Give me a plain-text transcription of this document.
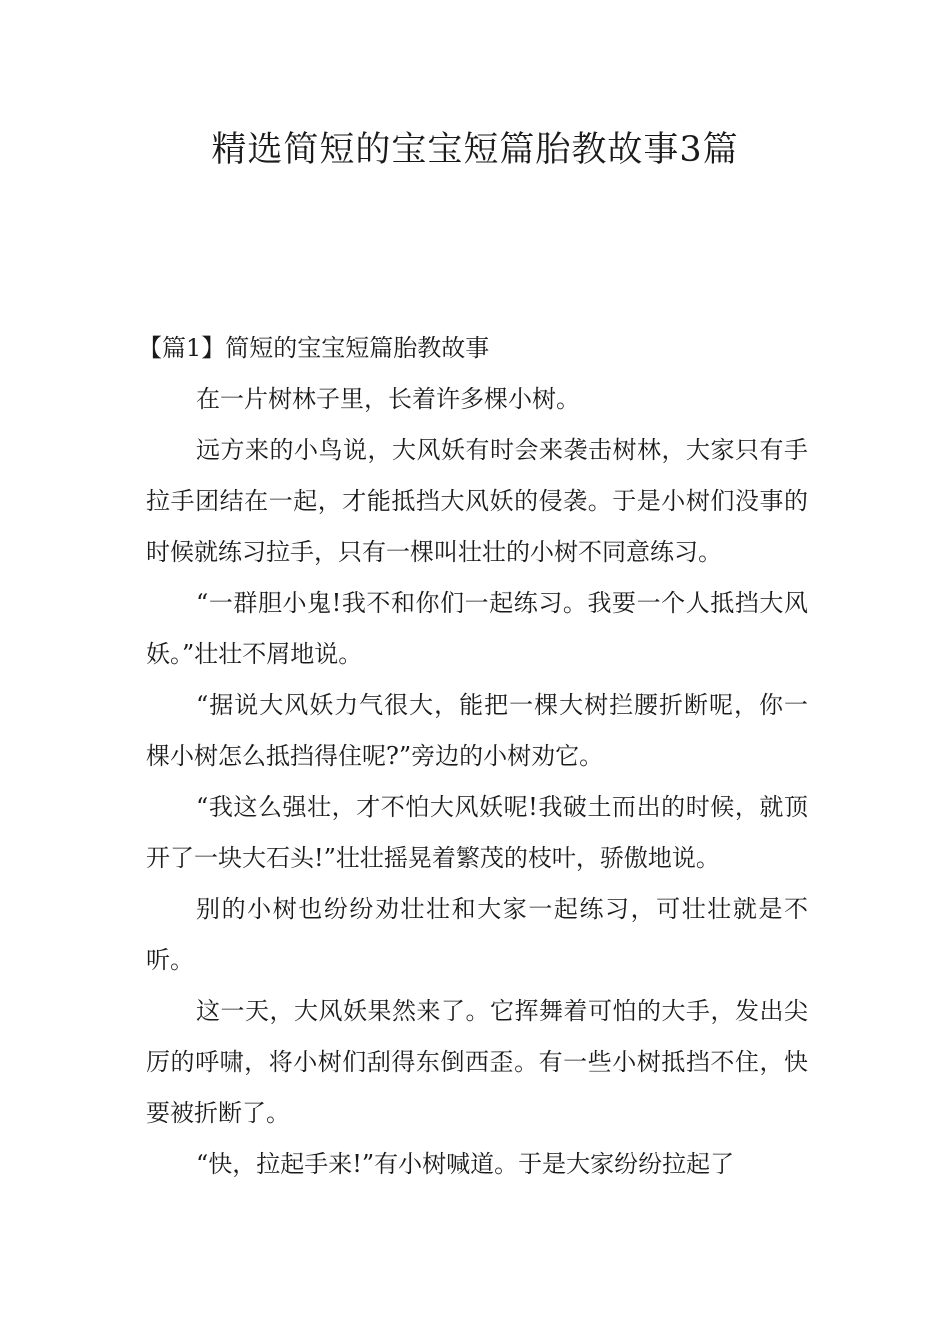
精选简短的宝宝短篇胎教故事3篇

【篇1】简短的宝宝短篇胎教故事

在一片树林子里，长着许多棵小树。

远方来的小鸟说，大风妖有时会来袭击树林，大家只有手拉手团结在一起，才能抵挡大风妖的侵袭。于是小树们没事的时候就练习拉手，只有一棵叫壮壮的小树不同意练习。

“一群胆小鬼!我不和你们一起练习。我要一个人抵挡大风妖。”壮壮不屑地说。

“据说大风妖力气很大，能把一棵大树拦腰折断呢，你一棵小树怎么抵挡得住呢?”旁边的小树劝它。

“我这么强壮，才不怕大风妖呢!我破土而出的时候，就顶开了一块大石头!”壮壮摇晃着繁茂的枝叶，骄傲地说。

别的小树也纷纷劝壮壮和大家一起练习，可壮壮就是不听。

这一天，大风妖果然来了。它挥舞着可怕的大手，发出尖厉的呼啸，将小树们刮得东倒西歪。有一些小树抵挡不住，快要被折断了。

“快，拉起手来!”有小树喊道。于是大家纷纷拉起了
